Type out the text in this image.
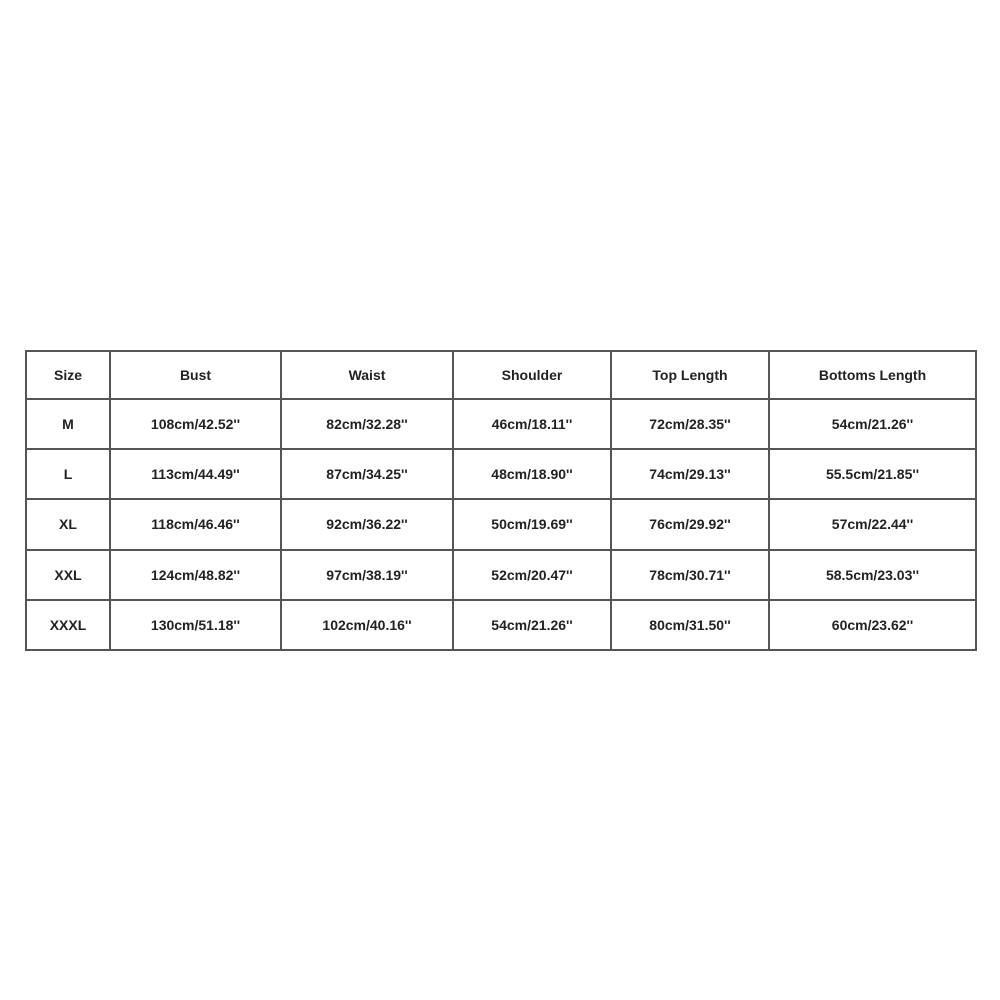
Size	Bust	Waist	Shoulder	Top Length	Bottoms Length
M	108cm/42.52''	82cm/32.28''	46cm/18.11''	72cm/28.35''	54cm/21.26''
L	113cm/44.49''	87cm/34.25''	48cm/18.90''	74cm/29.13''	55.5cm/21.85''
XL	118cm/46.46''	92cm/36.22''	50cm/19.69''	76cm/29.92''	57cm/22.44''
XXL	124cm/48.82''	97cm/38.19''	52cm/20.47''	78cm/30.71''	58.5cm/23.03''
XXXL	130cm/51.18''	102cm/40.16''	54cm/21.26''	80cm/31.50''	60cm/23.62''
